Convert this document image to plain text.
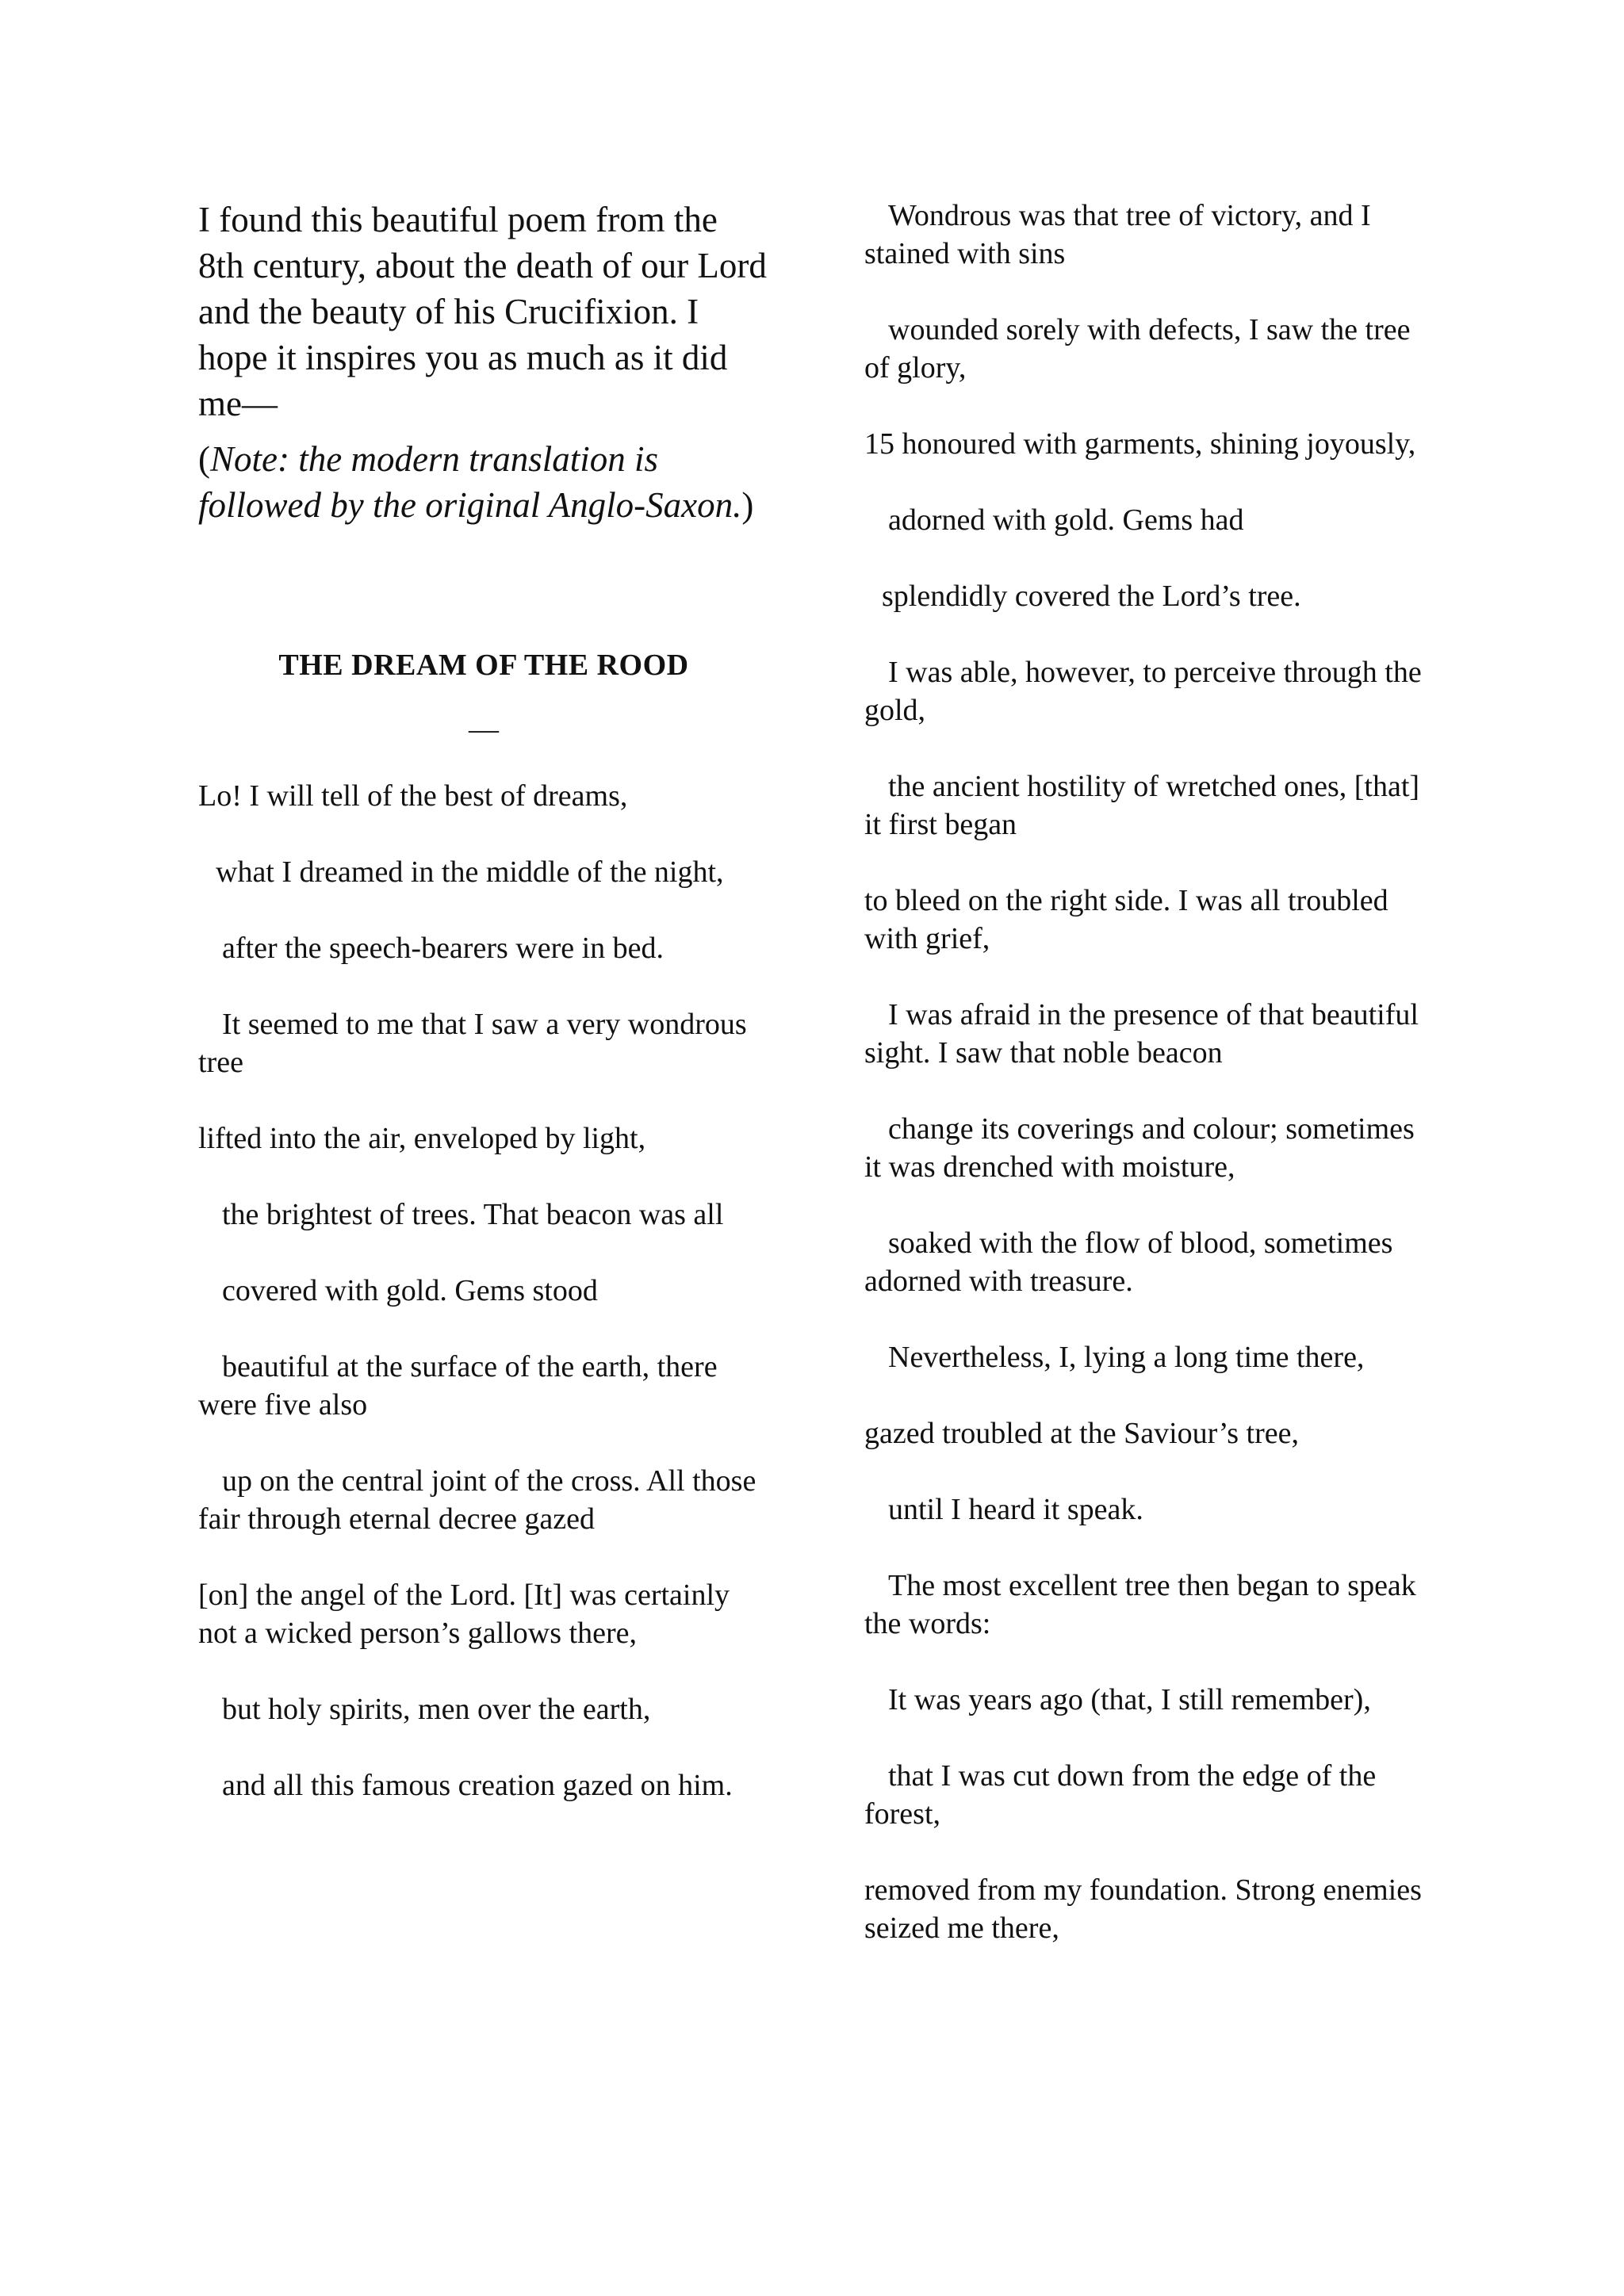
I found this beautiful poem from the 8th century, about the death of our Lord and the beauty of his Crucifixion. I hope it inspires you as much as it did me—

(Note: the modern translation is followed by the original Anglo-Saxon.)

THE DREAM OF THE ROOD
—

Lo! I will tell of the best of dreams,

what I dreamed in the middle of the night,

after the speech-bearers were in bed.

It seemed to me that I saw a very wondrous tree

lifted into the air, enveloped by light,

the brightest of trees. That beacon was all

covered with gold. Gems stood

beautiful at the surface of the earth, there were five also

up on the central joint of the cross. All those fair through eternal decree gazed

[on] the angel of the Lord. [It] was certainly not a wicked person’s gallows there,

but holy spirits, men over the earth,

and all this famous creation gazed on him.

Wondrous was that tree of victory, and I stained with sins

wounded sorely with defects, I saw the tree of glory,

15 honoured with garments, shining joyously,

adorned with gold. Gems had

splendidly covered the Lord’s tree.

I was able, however, to perceive through the gold,

the ancient hostility of wretched ones, [that] it first began

to bleed on the right side. I was all troubled with grief,

I was afraid in the presence of that beautiful sight. I saw that noble beacon

change its coverings and colour; sometimes it was drenched with moisture,

soaked with the flow of blood, sometimes adorned with treasure.

Nevertheless, I, lying a long time there,

gazed troubled at the Saviour’s tree,

until I heard it speak.

The most excellent tree then began to speak the words:

It was years ago (that, I still remember),

that I was cut down from the edge of the forest,

removed from my foundation. Strong enemies seized me there,
